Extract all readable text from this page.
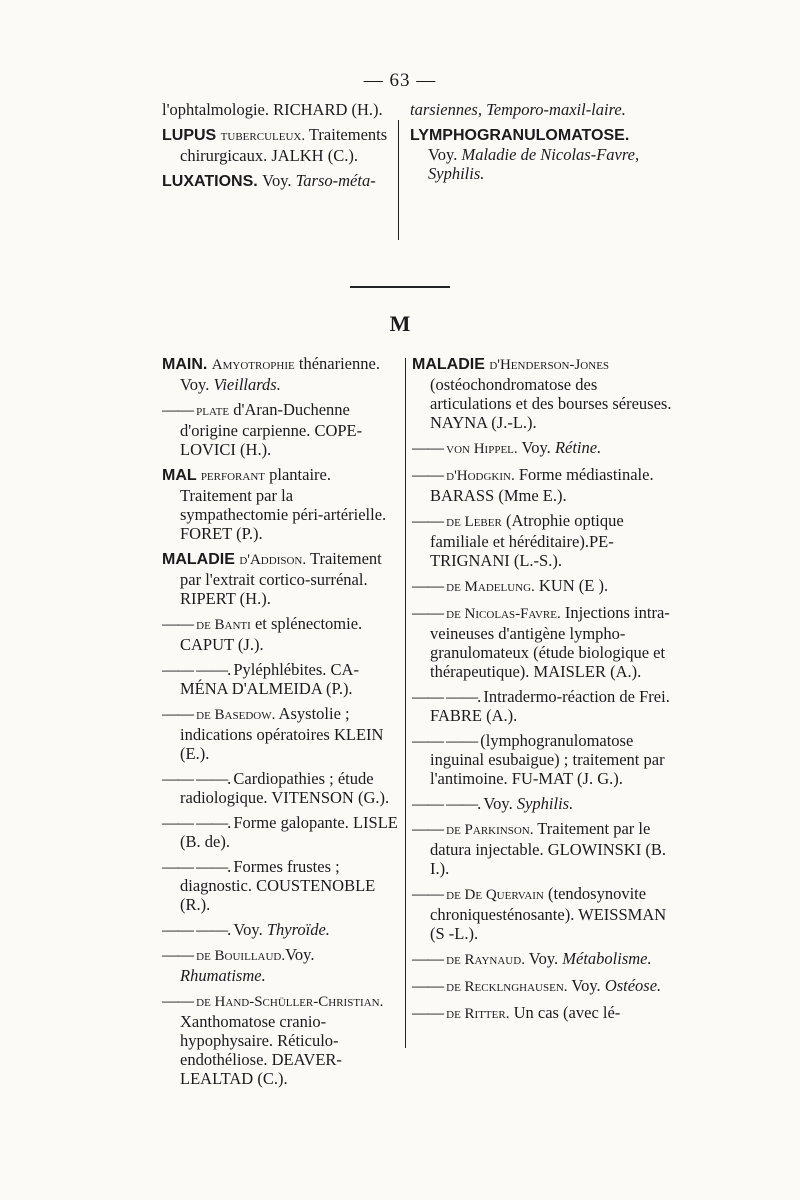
— 63 —

l'ophtalmologie. RICHARD (H.).

LUPUS tuberculeux. Traitements chirurgicaux. JALKH (C.).

LUXATIONS. Voy. Tarso-méta-

tarsiennes, Temporo-maxil-laire.

LYMPHOGRANULOMATOSE. Voy. Maladie de Nicolas-Favre, Syphilis.

M

MAIN. Amyotrophie thénarienne. Voy. Vieillards.

—— plate d'Aran-Duchenne d'origine carpienne. COPE-LOVICI (H.).

MAL perforant plantaire. Traitement par la sympathectomie péri-artérielle. FORET (P.).

MALADIE d'Addison. Traitement par l'extrait cortico-surrénal. RIPERT (H.).

—— de Banti et splénectomie. CAPUT (J.).

—— ——. Pyléphlébites. CA-MÉNA D'ALMEIDA (P.).

—— de Basedow. Asystolie ; indications opératoires KLEIN (E.).

—— ——. Cardiopathies ; étude radiologique. VITENSON (G.).

—— ——. Forme galopante. LISLE (B. de).

—— ——. Formes frustes ; diagnostic. COUSTENOBLE (R.).

—— ——. Voy. Thyroïde.

—— de Bouillaud.Voy. Rhumatisme.

—— de Hand-Schüller-Christian. Xanthomatose cranio-hypophysaire. Réticulo-endothéliose. DEAVER-LEALTAD (C.).

MALADIE d'Henderson-Jones (ostéochondromatose des articulations et des bourses séreuses. NAYNA (J.-L.).

—— von Hippel. Voy. Rétine.

—— d'Hodgkin. Forme médiastinale. BARASS (Mme E.).

—— de Leber (Atrophie optique familiale et héréditaire).PE-TRIGNANI (L.-S.).

—— de Madelung. KUN (E ).

—— de Nicolas-Favre. Injections intra-veineuses d'antigène lympho-granulomateux (étude biologique et thérapeutique). MAISLER (A.).

—— ——. Intradermo-réaction de Frei. FABRE (A.).

—— —— (lymphogranulomatose inguinal esubaigue) ; traitement par l'antimoine. FU-MAT (J. G.).

—— ——. Voy. Syphilis.

—— de Parkinson. Traitement par le datura injectable. GLOWINSKI (B. I.).

—— de De Quervain (tendosynovite chroniquesténosante). WEISSMAN (S -L.).

—— de Raynaud. Voy. Métabolisme.

—— de Recklnghausen. Voy. Ostéose.

—— de Ritter. Un cas (avec lé-
